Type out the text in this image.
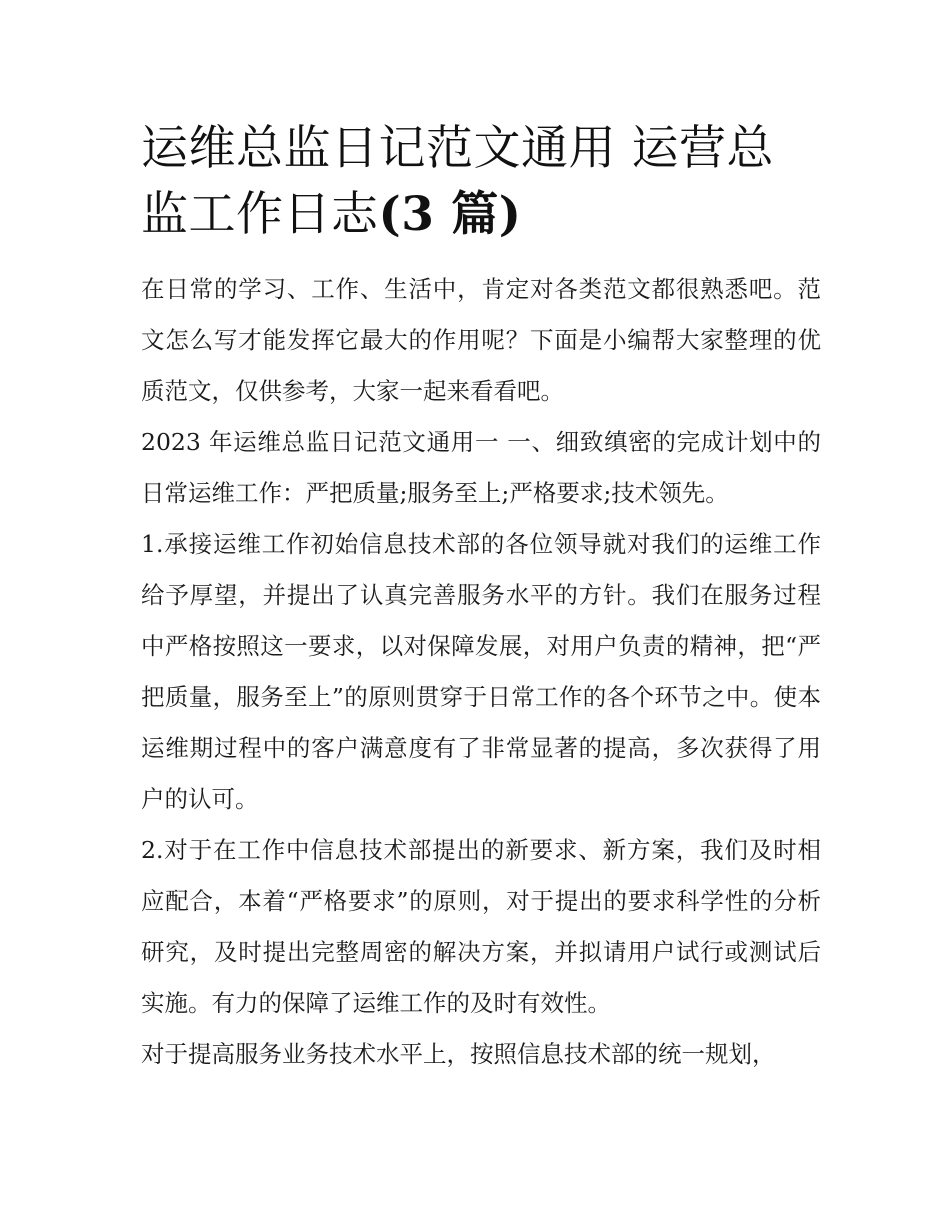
运维总监日记范文通用 运营总监工作日志(3 篇)

在日常的学习、工作、生活中，肯定对各类范文都很熟悉吧。范文怎么写才能发挥它最大的作用呢？下面是小编帮大家整理的优质范文，仅供参考，大家一起来看看吧。

2023 年运维总监日记范文通用一 一、细致缜密的完成计划中的日常运维工作：严把质量;服务至上;严格要求;技术领先。

1.承接运维工作初始信息技术部的各位领导就对我们的运维工作给予厚望，并提出了认真完善服务水平的方针。我们在服务过程中严格按照这一要求，以对保障发展，对用户负责的精神，把“严把质量，服务至上”的原则贯穿于日常工作的各个环节之中。使本运维期过程中的客户满意度有了非常显著的提高，多次获得了用户的认可。

2.对于在工作中信息技术部提出的新要求、新方案，我们及时相应配合，本着“严格要求”的原则，对于提出的要求科学性的分析研究，及时提出完整周密的解决方案，并拟请用户试行或测试后实施。有力的保障了运维工作的及时有效性。

对于提高服务业务技术水平上，按照信息技术部的统一规划，
